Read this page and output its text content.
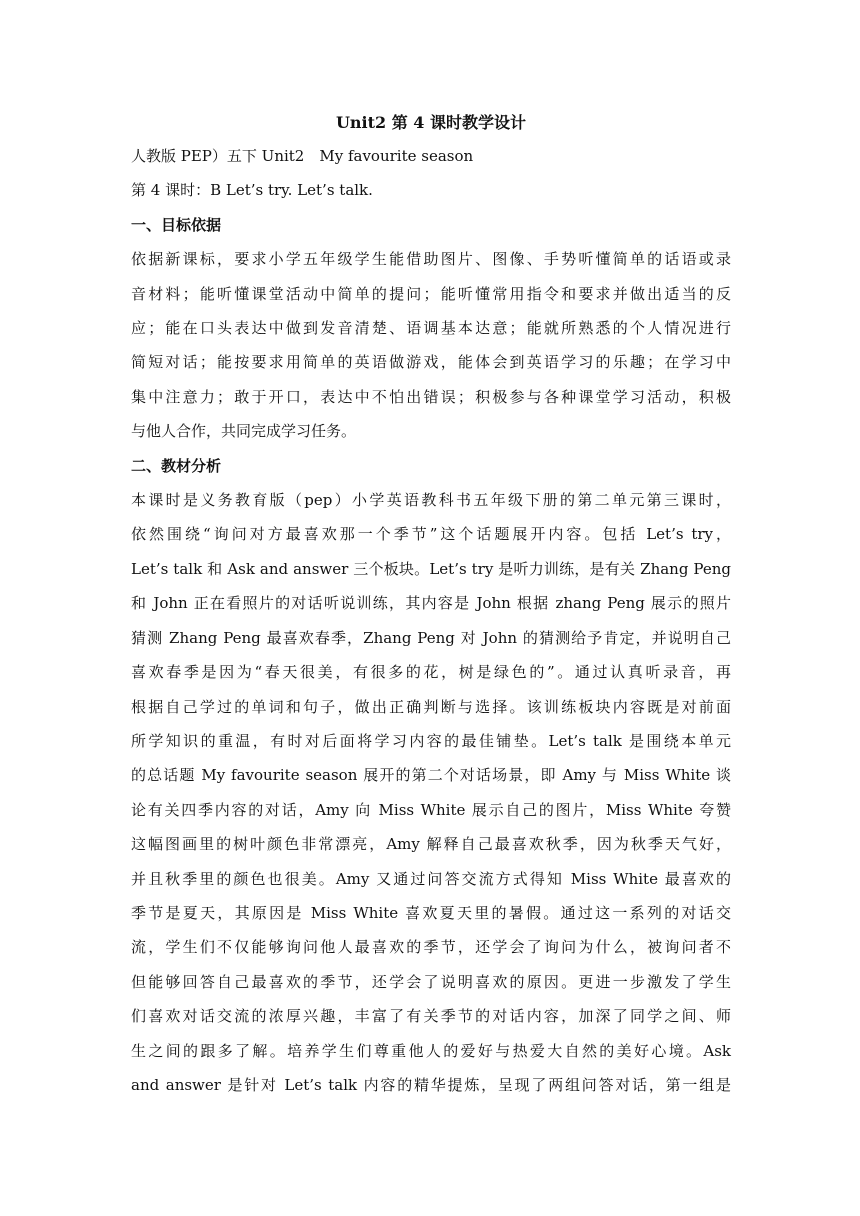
Unit2 第 4 课时教学设计
人教版 PEP）五下 Unit2　My favourite season
第 4 课时：B Let’s try. Let’s talk.
一、目标依据
依据新课标，要求小学五年级学生能借助图片、图像、手势听懂简单的话语或录
音材料；能听懂课堂活动中简单的提问；能听懂常用指令和要求并做出适当的反
应；能在口头表达中做到发音清楚、语调基本达意；能就所熟悉的个人情况进行
简短对话；能按要求用简单的英语做游戏，能体会到英语学习的乐趣；在学习中
集中注意力；敢于开口，表达中不怕出错误；积极参与各种课堂学习活动，积极
与他人合作，共同完成学习任务。
二、教材分析
本课时是义务教育版（pep）小学英语教科书五年级下册的第二单元第三课时，
依然围绕“询问对方最喜欢那一个季节”这个话题展开内容。包括 Let’s try，
Let’s talk 和 Ask and answer 三个板块。Let’s try 是听力训练，是有关 Zhang Peng
和 John 正在看照片的对话听说训练，其内容是 John 根据 zhang Peng 展示的照片
猜测 Zhang Peng 最喜欢春季，Zhang Peng 对 John 的猜测给予肯定，并说明自己
喜欢春季是因为“春天很美，有很多的花，树是绿色的”。通过认真听录音，再
根据自己学过的单词和句子，做出正确判断与选择。该训练板块内容既是对前面
所学知识的重温，有时对后面将学习内容的最佳铺垫。Let’s talk 是围绕本单元
的总话题 My favourite season 展开的第二个对话场景，即 Amy 与 Miss White 谈
论有关四季内容的对话，Amy 向 Miss White 展示自己的图片，Miss White 夸赞
这幅图画里的树叶颜色非常漂亮，Amy 解释自己最喜欢秋季，因为秋季天气好，
并且秋季里的颜色也很美。Amy 又通过问答交流方式得知 Miss White 最喜欢的
季节是夏天，其原因是 Miss White 喜欢夏天里的暑假。通过这一系列的对话交
流，学生们不仅能够询问他人最喜欢的季节，还学会了询问为什么，被询问者不
但能够回答自己最喜欢的季节，还学会了说明喜欢的原因。更进一步激发了学生
们喜欢对话交流的浓厚兴趣，丰富了有关季节的对话内容，加深了同学之间、师
生之间的跟多了解。培养学生们尊重他人的爱好与热爱大自然的美好心境。Ask
and answer 是针对 Let’s talk 内容的精华提炼，呈现了两组问答对话，第一组是
